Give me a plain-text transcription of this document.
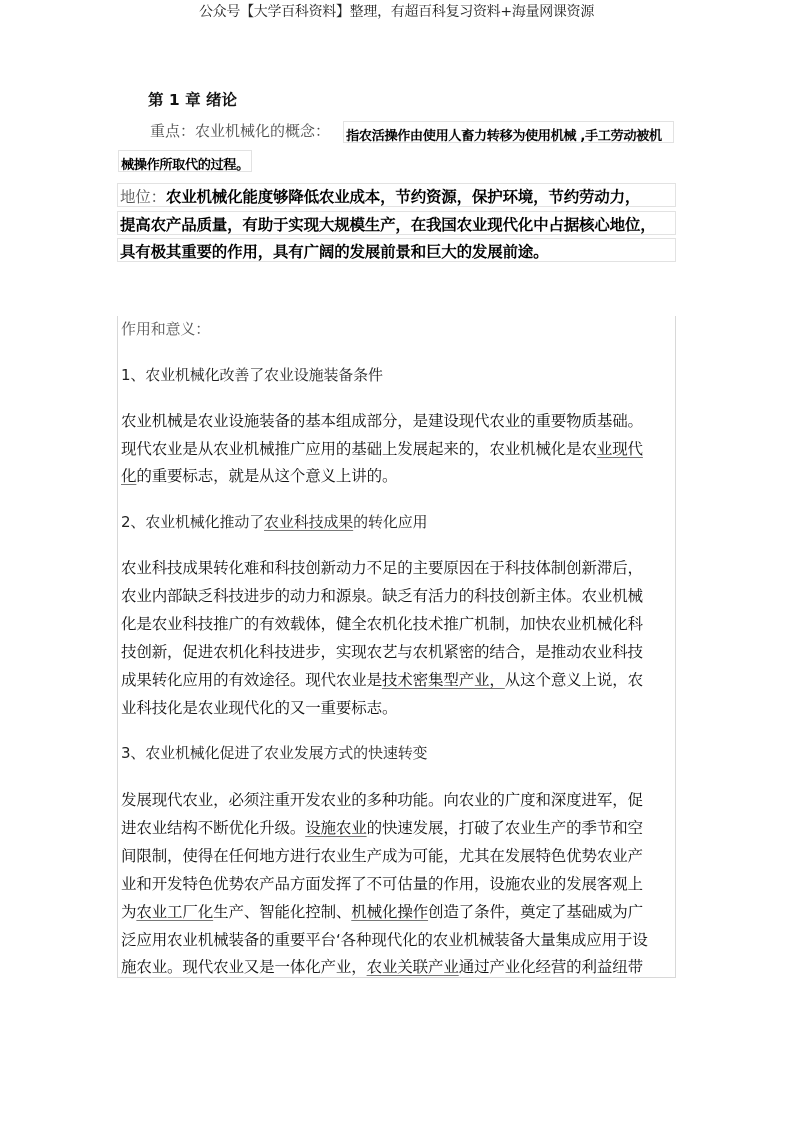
公众号【大学百科资料】整理，有超百科复习资料+海量网课资源
第 1 章 绪论
重点：农业机械化的概念： 指农活操作由使用人畜力转移为使用机械 ,手工劳动被机
械操作所取代的过程。
地位：农业机械化能度够降低农业成本，节约资源，保护环境，节约劳动力，
提高农产品质量，有助于实现大规模生产，在我国农业现代化中占据核心地位，
具有极其重要的作用，具有广阔的发展前景和巨大的发展前途。
作用和意义：
1、农业机械化改善了农业设施装备条件
农业机械是农业设施装备的基本组成部分，是建设现代农业的重要物质基础。
现代农业是从农业机械推广应用的基础上发展起来的，农业机械化是农业现代
化的重要标志，就是从这个意义上讲的。
2、农业机械化推动了农业科技成果的转化应用
农业科技成果转化难和科技创新动力不足的主要原因在于科技体制创新滞后，
农业内部缺乏科技进步的动力和源泉。缺乏有活力的科技创新主体。农业机械
化是农业科技推广的有效载体，健全农机化技术推广机制，加快农业机械化科
技创新，促进农机化科技进步，实现农艺与农机紧密的结合，是推动农业科技
成果转化应用的有效途径。现代农业是技术密集型产业，从这个意义上说，农
业科技化是农业现代化的又一重要标志。
3、农业机械化促进了农业发展方式的快速转变
发展现代农业，必须注重开发农业的多种功能。向农业的广度和深度进军，促
进农业结构不断优化升级。设施农业的快速发展，打破了农业生产的季节和空
间限制，使得在任何地方进行农业生产成为可能，尤其在发展特色优势农业产
业和开发特色优势农产品方面发挥了不可估量的作用，设施农业的发展客观上
为农业工厂化生产、智能化控制、机械化操作创造了条件，奠定了基础威为广
泛应用农业机械装备的重要平台‘各种现代化的农业机械装备大量集成应用于设
施农业。现代农业又是一体化产业，农业关联产业通过产业化经营的利益纽带
